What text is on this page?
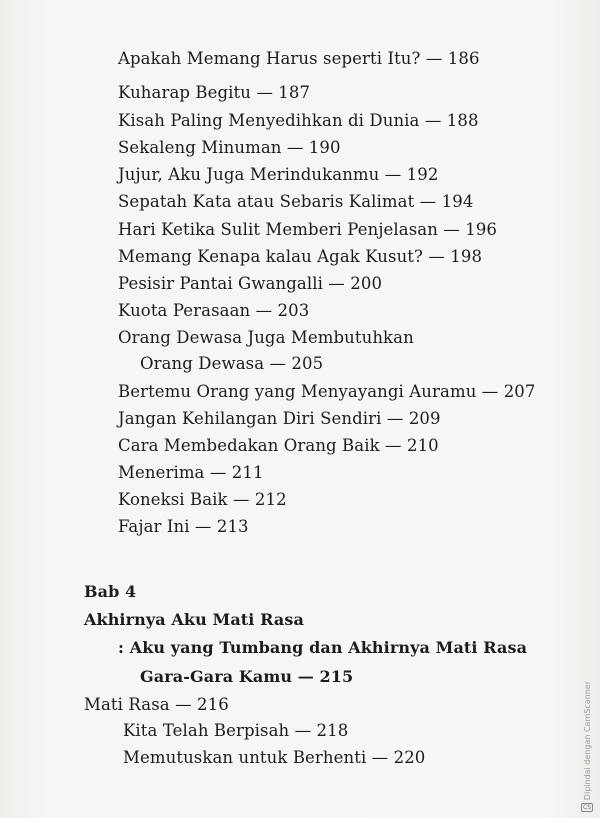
Apakah Memang Harus seperti Itu? — 186
Kuharap Begitu — 187
Kisah Paling Menyedihkan di Dunia — 188
Sekaleng Minuman — 190
Jujur, Aku Juga Merindukanmu — 192
Sepatah Kata atau Sebaris Kalimat — 194
Hari Ketika Sulit Memberi Penjelasan — 196
Memang Kenapa kalau Agak Kusut? — 198
Pesisir Pantai Gwangalli — 200
Kuota Perasaan — 203
Orang Dewasa Juga Membutuhkan
Orang Dewasa — 205
Bertemu Orang yang Menyayangi Auramu — 207
Jangan Kehilangan Diri Sendiri — 209
Cara Membedakan Orang Baik — 210
Menerima — 211
Koneksi Baik — 212
Fajar Ini — 213
Bab 4
Akhirnya Aku Mati Rasa
: Aku yang Tumbang dan Akhirnya Mati Rasa
Gara-Gara Kamu — 215
Mati Rasa — 216
Kita Telah Berpisah — 218
Memutuskan untuk Berhenti — 220	Dipindai dengan CamScanner
CS
